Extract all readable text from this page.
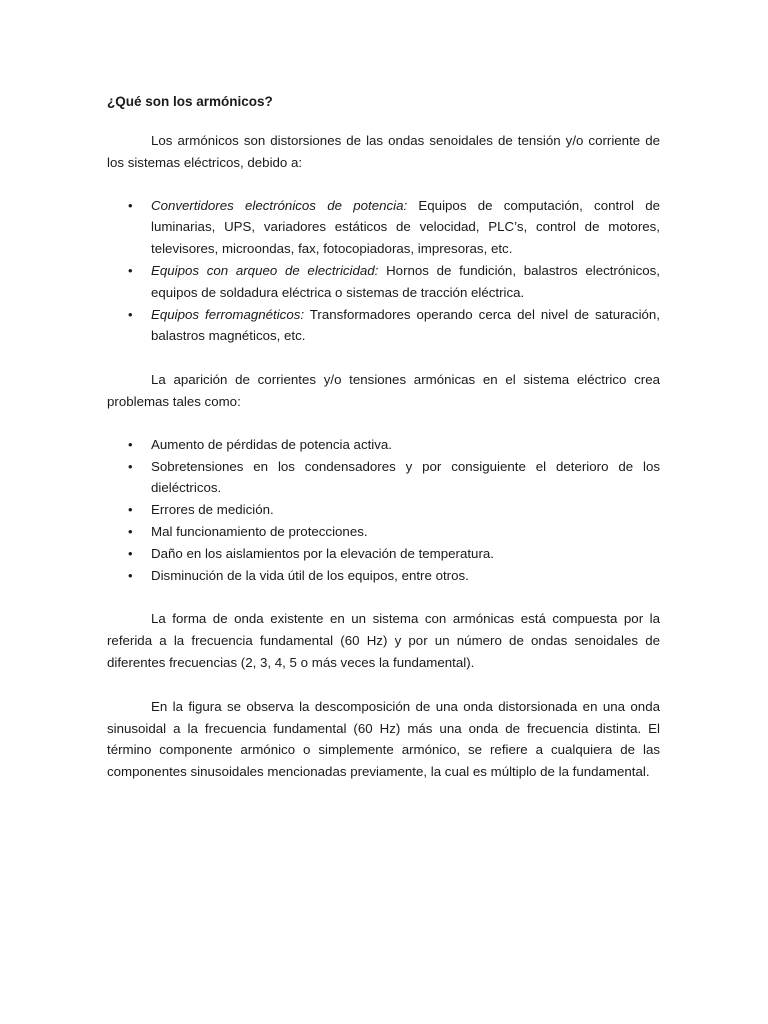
¿Qué son los armónicos?

Los armónicos son distorsiones de las ondas senoidales de tensión y/o corriente de los sistemas eléctricos, debido a:

• Convertidores electrónicos de potencia: Equipos de computación, control de luminarias, UPS, variadores estáticos de velocidad, PLC’s, control de motores, televisores, microondas, fax, fotocopiadoras, impresoras, etc.
• Equipos con arqueo de electricidad: Hornos de fundición, balastros electrónicos, equipos de soldadura eléctrica o sistemas de tracción eléctrica.
• Equipos ferromagnéticos: Transformadores operando cerca del nivel de saturación, balastros magnéticos, etc.

La aparición de corrientes y/o tensiones armónicas en el sistema eléctrico crea problemas tales como:

• Aumento de pérdidas de potencia activa.
• Sobretensiones en los condensadores y por consiguiente el deterioro de los dieléctricos.
• Errores de medición.
• Mal funcionamiento de protecciones.
• Daño en los aislamientos por la elevación de temperatura.
• Disminución de la vida útil de los equipos, entre otros.

La forma de onda existente en un sistema con armónicas está compuesta por la referida a la frecuencia fundamental (60 Hz) y por un número de ondas senoidales de diferentes frecuencias (2, 3, 4, 5 o más veces la fundamental).

En la figura se observa la descomposición de una onda distorsionada en una onda sinusoidal a la frecuencia fundamental (60 Hz) más una onda de frecuencia distinta. El término componente armónico o simplemente armónico, se refiere a cualquiera de las componentes sinusoidales mencionadas previamente, la cual es múltiplo de la fundamental.
